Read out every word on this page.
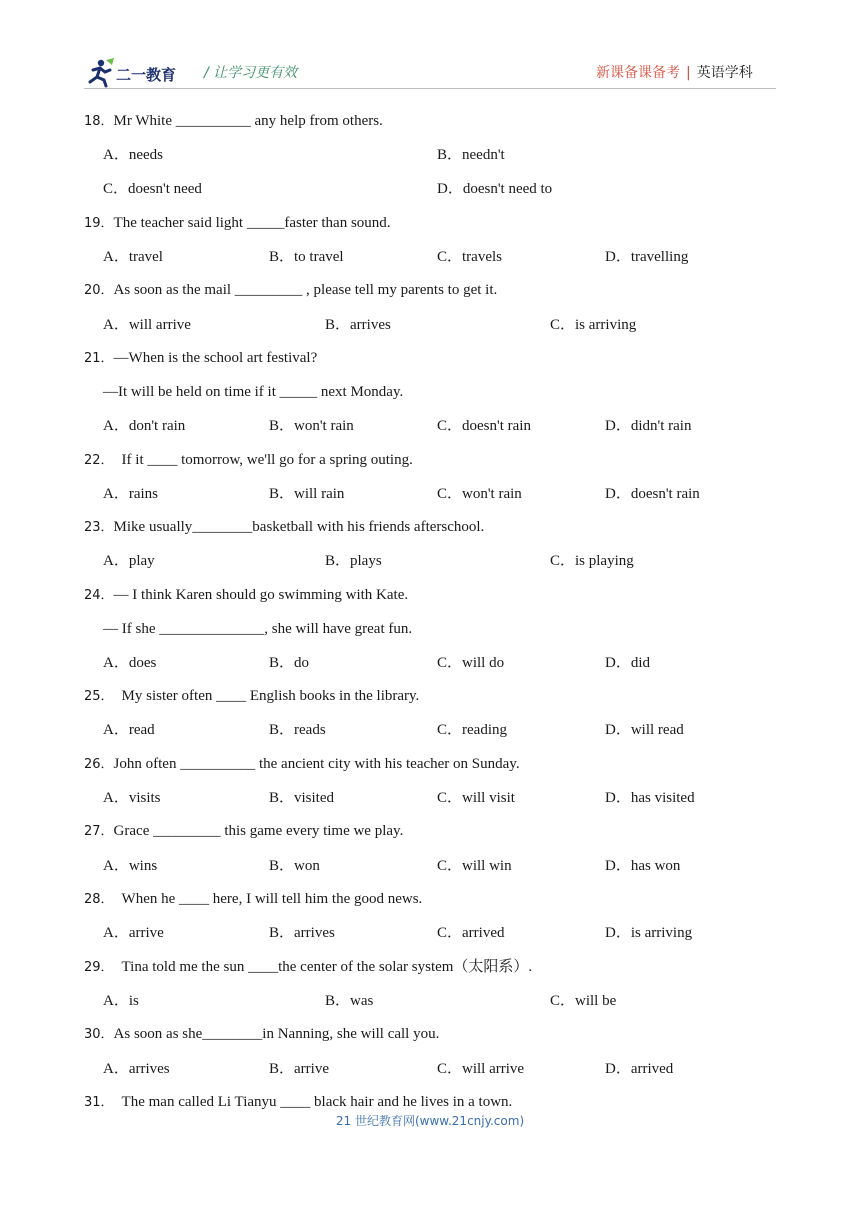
二一教育 / 让学习更有效	新课备课备考 | 英语学科
18．Mr White __________ any help from others.
A．needs	B．needn't
C．doesn't need	D．doesn't need to
19．The teacher said light _____faster than sound.
A．travel	B．to travel	C．travels	D．travelling
20．As soon as the mail _________ , please tell my parents to get it.
A．will arrive	B．arrives	C．is arriving
21．—When is the school art festival?
—It will be held on time if it _____ next Monday.
A．don't rain	B．won't rain	C．doesn't rain	D．didn't rain
22． If it ____ tomorrow, we'll go for a spring outing.
A．rains	B．will rain	C．won't rain	D．doesn't rain
23．Mike usually________basketball with his friends afterschool.
A．play	B．plays	C．is playing
24．— I think Karen should go swimming with Kate.
— If she ______________, she will have great fun.
A．does	B．do	C．will do	D．did
25． My sister often ____ English books in the library.
A．read	B．reads	C．reading	D．will read
26．John often __________ the ancient city with his teacher on Sunday.
A．visits	B．visited	C．will visit	D．has visited
27．Grace _________ this game every time we play.
A．wins	B．won	C．will win	D．has won
28． When he ____ here, I will tell him the good news.
A．arrive	B．arrives	C．arrived	D．is arriving
29． Tina told me the sun ____the center of the solar system（太阳系）.
A．is	B．was	C．will be
30．As soon as she________in Nanning, she will call you.
A．arrives	B．arrive	C．will arrive	D．arrived
31． The man called Li Tianyu ____ black hair and he lives in a town.
21 世纪教育网(www.21cnjy.com)
